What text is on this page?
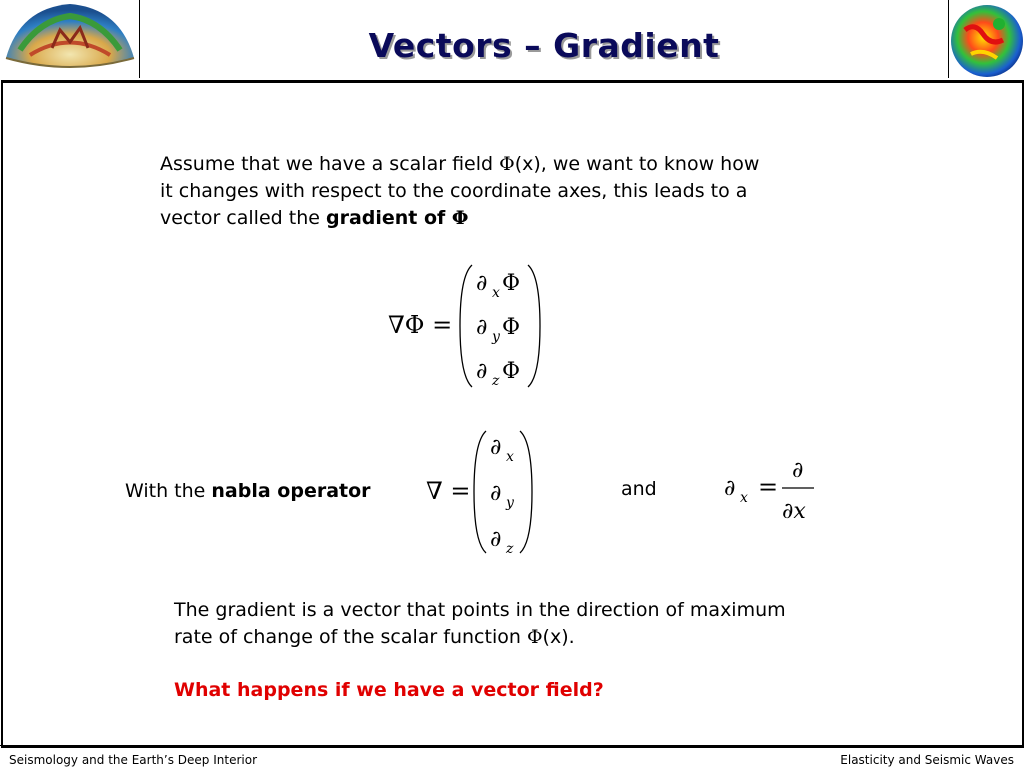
Vectors – Gradient
Assume that we have a scalar field Φ(x), we want to know how
it changes with respect to the coordinate axes, this leads to a
vector called the gradient of Φ
∇Φ =
∂ x Φ
∂ y Φ
∂ z Φ
With the nabla operator ∇ =
∂ x
∂ y
∂ z
and	∂ x =
∂
∂x
The gradient is a vector that points in the direction of maximum
rate of change of the scalar function Φ(x).
What happens if we have a vector field?
Seismology and the Earth’s Deep Interior	Elasticity and Seismic Waves
